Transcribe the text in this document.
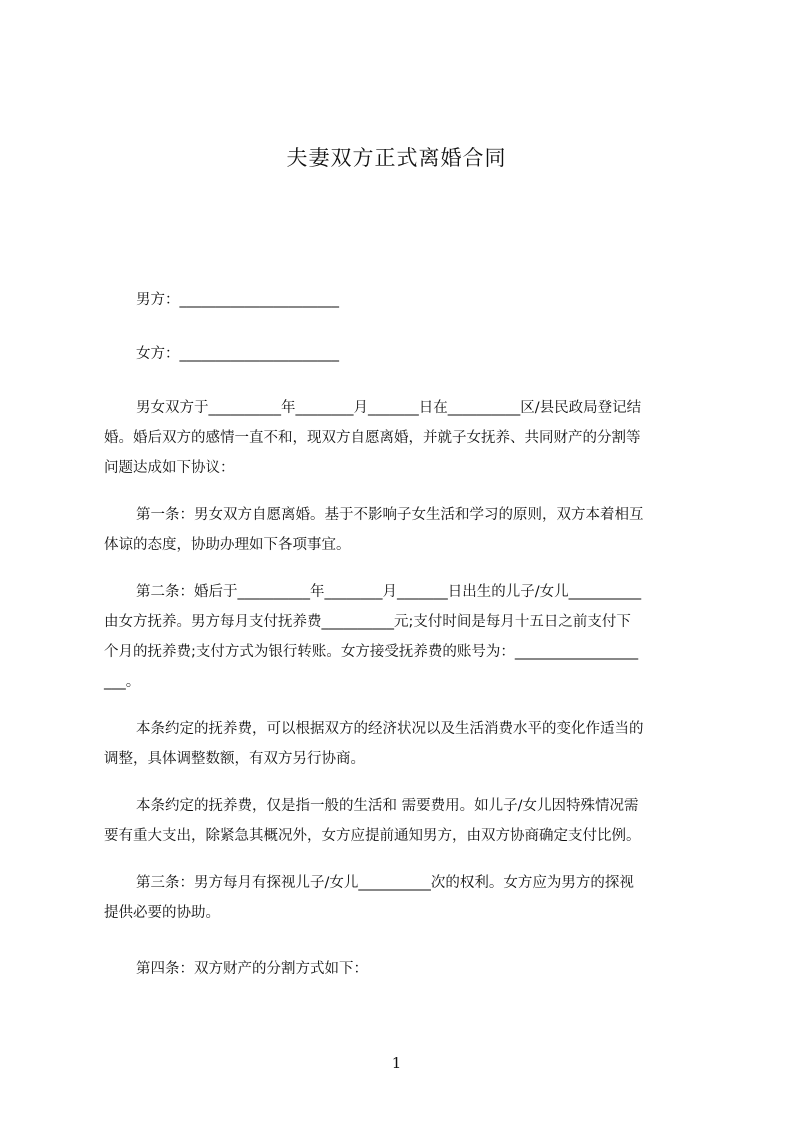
夫妻双方正式离婚合同
男方：______________________
女方：______________________
男女双方于__________年________月_______日在__________区/县民政局登记结
婚。婚后双方的感情一直不和，现双方自愿离婚，并就子女抚养、共同财产的分割等
问题达成如下协议：
第一条：男女双方自愿离婚。基于不影响子女生活和学习的原则，双方本着相互
体谅的态度，协助办理如下各项事宜。
第二条：婚后于__________年________月_______日出生的儿子/女儿__________
由女方抚养。男方每月支付抚养费__________元;支付时间是每月十五日之前支付下
个月的抚养费;支付方式为银行转账。女方接受抚养费的账号为：_________________
___。
本条约定的抚养费，可以根据双方的经济状况以及生活消费水平的变化作适当的
调整，具体调整数额，有双方另行协商。
本条约定的抚养费，仅是指一般的生活和 需要费用。如儿子/女儿因特殊情况需
要有重大支出，除紧急其概况外，女方应提前通知男方，由双方协商确定支付比例。
第三条：男方每月有探视儿子/女儿__________次的权利。女方应为男方的探视
提供必要的协助。
第四条：双方财产的分割方式如下：
1
